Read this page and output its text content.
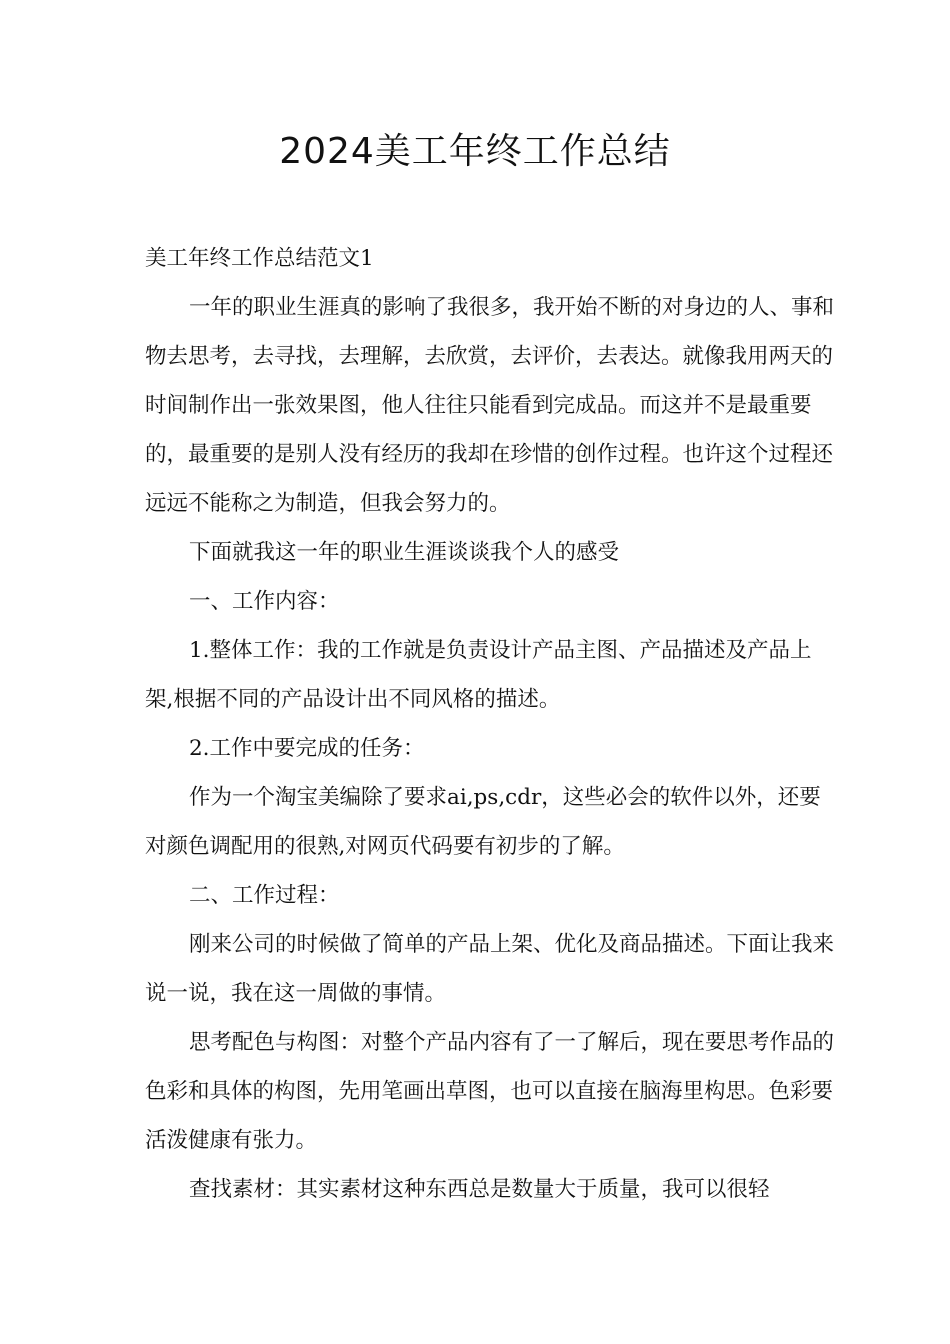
2024美工年终工作总结

美工年终工作总结范文1

一年的职业生涯真的影响了我很多，我开始不断的对身边的人、事和物去思考，去寻找，去理解，去欣赏，去评价，去表达。就像我用两天的时间制作出一张效果图，他人往往只能看到完成品。而这并不是最重要的，最重要的是别人没有经历的我却在珍惜的创作过程。也许这个过程还远远不能称之为制造，但我会努力的。

下面就我这一年的职业生涯谈谈我个人的感受

一、工作内容：

1.整体工作：我的工作就是负责设计产品主图、产品描述及产品上架,根据不同的产品设计出不同风格的描述。

2.工作中要完成的任务：

作为一个淘宝美编除了要求ai,ps,cdr，这些必会的软件以外，还要对颜色调配用的很熟,对网页代码要有初步的了解。

二、工作过程：

刚来公司的时候做了简单的产品上架、优化及商品描述。下面让我来说一说，我在这一周做的事情。

思考配色与构图：对整个产品内容有了一了解后，现在要思考作品的色彩和具体的构图，先用笔画出草图，也可以直接在脑海里构思。色彩要活泼健康有张力。

查找素材：其实素材这种东西总是数量大于质量，我可以很轻
